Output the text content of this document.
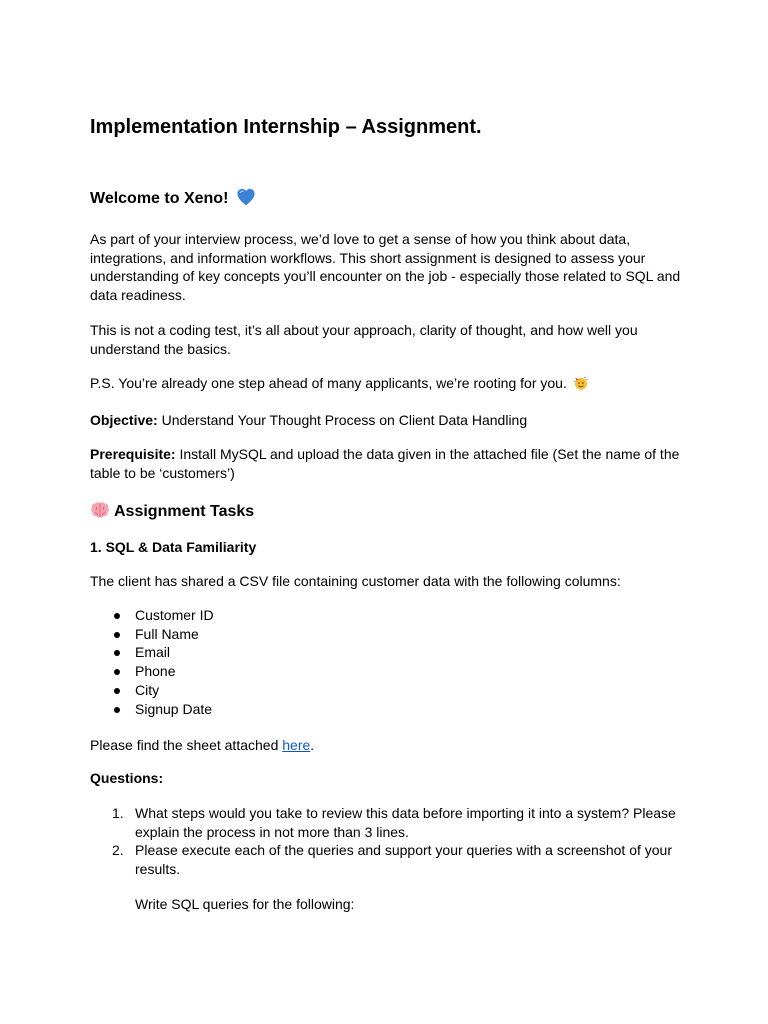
Implementation Internship – Assignment.
Welcome to Xeno!

As part of your interview process, we’d love to get a sense of how you think about data, integrations, and information workflows. This short assignment is designed to assess your understanding of key concepts you’ll encounter on the job - especially those related to SQL and data readiness.

This is not a coding test, it’s all about your approach, clarity of thought, and how well you understand the basics.

P.S. You’re already one step ahead of many applicants, we’re rooting for you.

Objective: Understand Your Thought Process on Client Data Handling

Prerequisite: Install MySQL and upload the data given in the attached file (Set the name of the table to be ‘customers’)

Assignment Tasks
1. SQL & Data Familiarity

The client has shared a CSV file containing customer data with the following columns:

Customer ID
Full Name
Email
Phone
City
Signup Date

Please find the sheet attached here.

Questions:

1. What steps would you take to review this data before importing it into a system? Please explain the process in not more than 3 lines.
2. Please execute each of the queries and support your queries with a screenshot of your results.
Write SQL queries for the following:
